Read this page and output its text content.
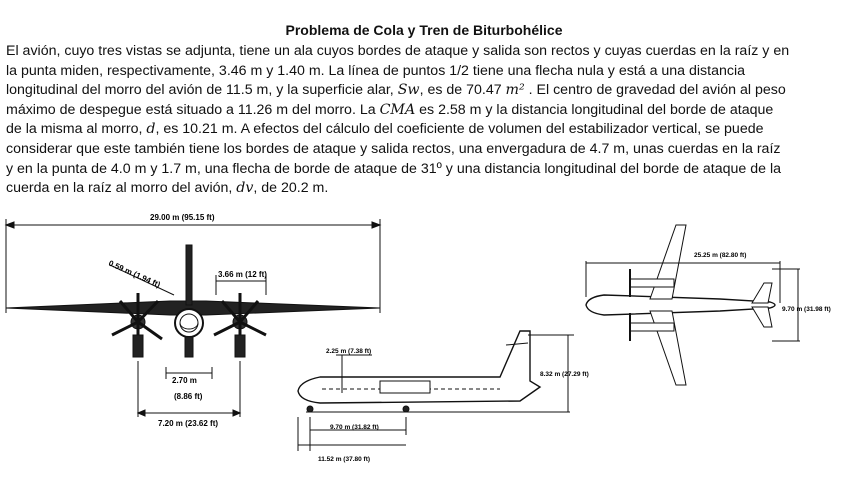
Problema de Cola y Tren de Biturbohélice
El avión, cuyo tres vistas se adjunta, tiene un ala cuyos bordes de ataque y salida son rectos y cuyas cuerdas en la raíz y en
la punta miden, respectivamente, 3.46 m y 1.40 m. La línea de puntos 1/2 tiene una flecha nula y está a una distancia
longitudinal del morro del avión de 11.5 m, y la superficie alar, Sw, es de 70.47 m² . El centro de gravedad del avión al peso
máximo de despegue está situado a 11.26 m del morro. La CMA es 2.58 m y la distancia longitudinal del borde de ataque
de la misma al morro, d, es 10.21 m. A efectos del cálculo del coeficiente de volumen del estabilizador vertical, se puede
considerar que este también tiene los bordes de ataque y salida rectos, una envergadura de 4.7 m, unas cuerdas en la raíz
y en la punta de 4.0 m y 1.7 m, una flecha de borde de ataque de 31º y una distancia longitudinal del borde de ataque de la
cuerda en la raíz al morro del avión, dv, de 20.2 m.
29.00 m (95.15 ft)
0.59 m (1.94 ft)	3.66 m (12 ft)
2.70 m
(8.86 ft)
7.20 m (23.62 ft)
2.25 m (7.38 ft)
8.32 m (27.29 ft)
9.70 m (31.82 ft)
11.52 m (37.80 ft)
25.25 m (82.80 ft)
9.70 m (31.98 ft)
